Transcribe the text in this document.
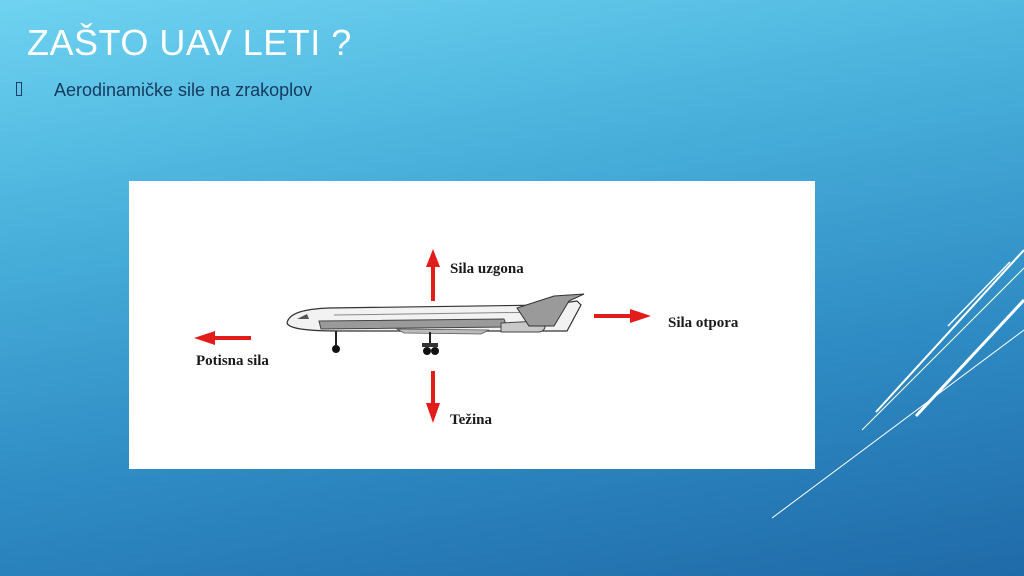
ZAŠTO UAV LETI ?
Aerodinamičke sile na zrakoplov
Sila uzgona
Sila otpora
Potisna sila
Težina
